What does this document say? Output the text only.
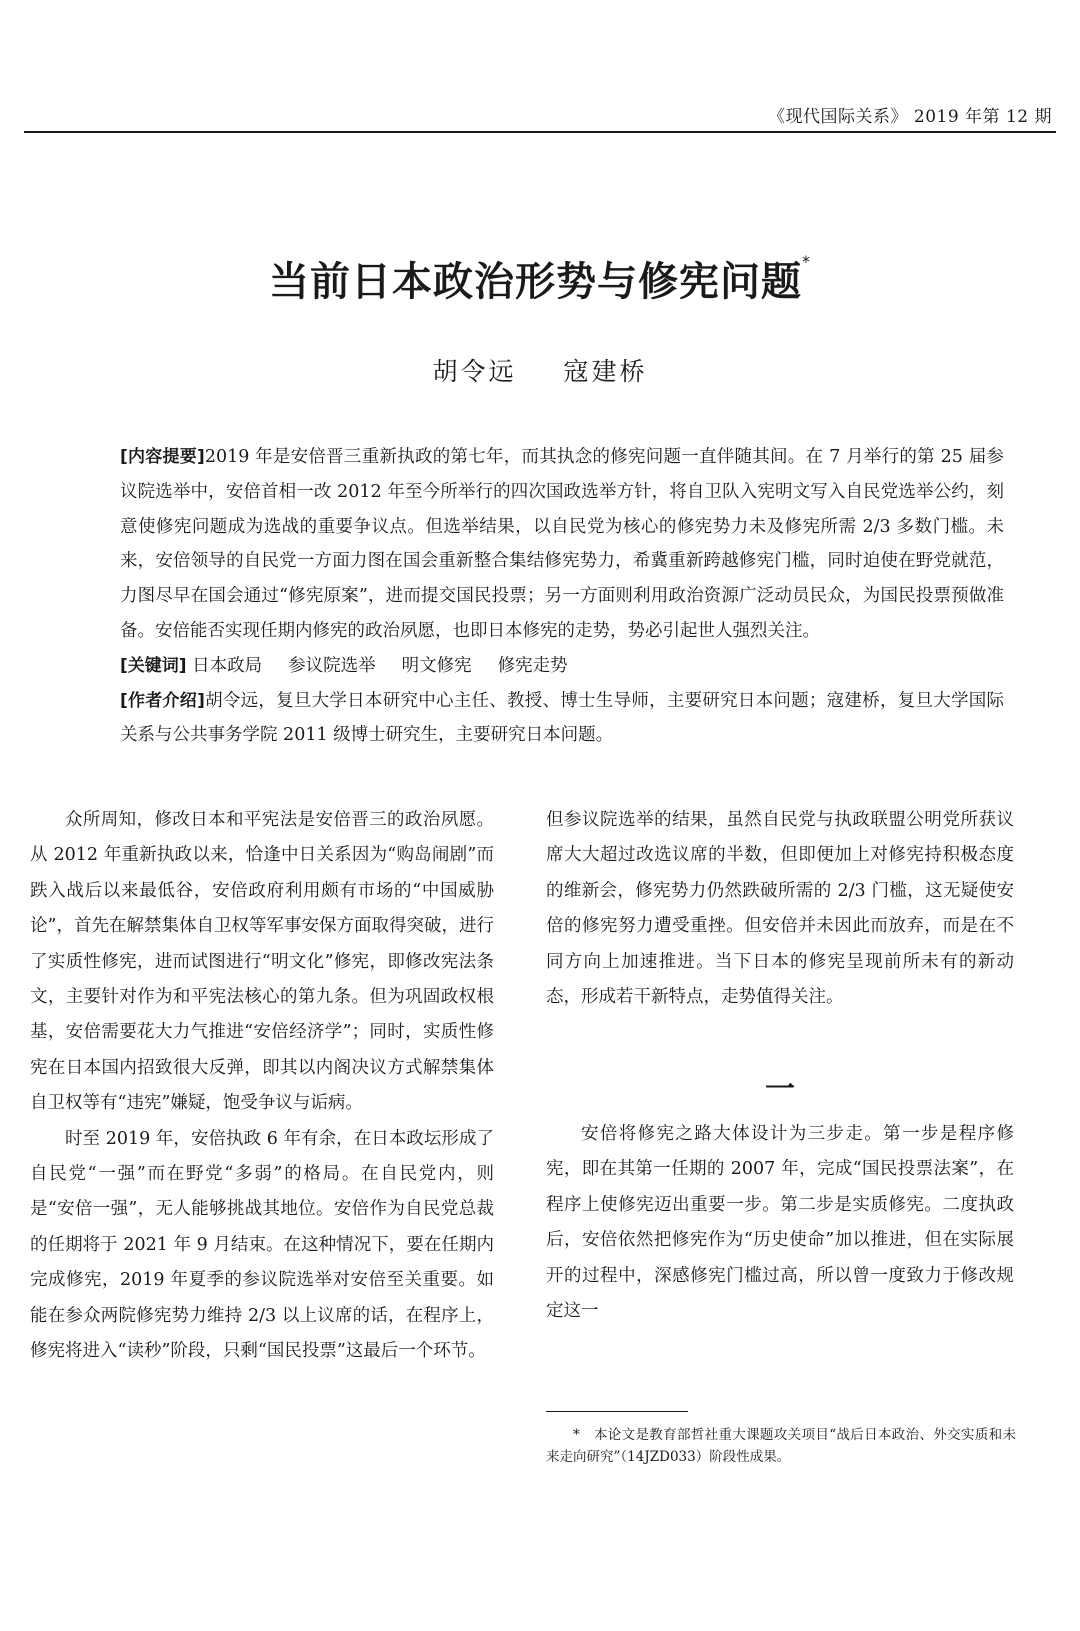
《现代国际关系》 2019 年第 12 期
当前日本政治形势与修宪问题*
胡令远 寇建桥

[内容提要]2019 年是安倍晋三重新执政的第七年，而其执念的修宪问题一直伴随其间。在 7 月举行的第 25 届参议院选举中，安倍首相一改 2012 年至今所举行的四次国政选举方针，将自卫队入宪明文写入自民党选举公约，刻意使修宪问题成为选战的重要争议点。但选举结果，以自民党为核心的修宪势力未及修宪所需 2/3 多数门槛。未来，安倍领导的自民党一方面力图在国会重新整合集结修宪势力，希冀重新跨越修宪门槛，同时迫使在野党就范，力图尽早在国会通过“修宪原案”，进而提交国民投票；另一方面则利用政治资源广泛动员民众，为国民投票预做准备。安倍能否实现任期内修宪的政治夙愿，也即日本修宪的走势，势必引起世人强烈关注。

[关键词] 日本政局 参议院选举 明文修宪 修宪走势

[作者介绍]胡令远，复旦大学日本研究中心主任、教授、博士生导师，主要研究日本问题；寇建桥，复旦大学国际关系与公共事务学院 2011 级博士研究生，主要研究日本问题。

众所周知，修改日本和平宪法是安倍晋三的政治夙愿。从 2012 年重新执政以来，恰逢中日关系因为“购岛闹剧”而跌入战后以来最低谷，安倍政府利用颇有市场的“中国威胁论”，首先在解禁集体自卫权等军事安保方面取得突破，进行了实质性修宪，进而试图进行“明文化”修宪，即修改宪法条文，主要针对作为和平宪法核心的第九条。但为巩固政权根基，安倍需要花大力气推进“安倍经济学”；同时，实质性修宪在日本国内招致很大反弹，即其以内阁决议方式解禁集体自卫权等有“违宪”嫌疑，饱受争议与诟病。

时至 2019 年，安倍执政 6 年有余，在日本政坛形成了自民党“一强”而在野党“多弱”的格局。在自民党内，则是“安倍一强”，无人能够挑战其地位。安倍作为自民党总裁的任期将于 2021 年 9 月结束。在这种情况下，要在任期内完成修宪，2019 年夏季的参议院选举对安倍至关重要。如能在参众两院修宪势力维持 2/3 以上议席的话，在程序上，修宪将进入“读秒”阶段，只剩“国民投票”这最后一个环节。

但参议院选举的结果，虽然自民党与执政联盟公明党所获议席大大超过改选议席的半数，但即便加上对修宪持积极态度的维新会，修宪势力仍然跌破所需的 2/3 门槛，这无疑使安倍的修宪努力遭受重挫。但安倍并未因此而放弃，而是在不同方向上加速推进。当下日本的修宪呈现前所未有的新动态，形成若干新特点，走势值得关注。

一

安倍将修宪之路大体设计为三步走。第一步是程序修宪，即在其第一任期的 2007 年，完成“国民投票法案”，在程序上使修宪迈出重要一步。第二步是实质修宪。二度执政后，安倍依然把修宪作为“历史使命”加以推进，但在实际展开的过程中，深感修宪门槛过高，所以曾一度致力于修改规定这一

*　 本论文是教育部哲社重大课题攻关项目“战后日本政治、外交实质和未来走向研究”（14JZD033）阶段性成果。
